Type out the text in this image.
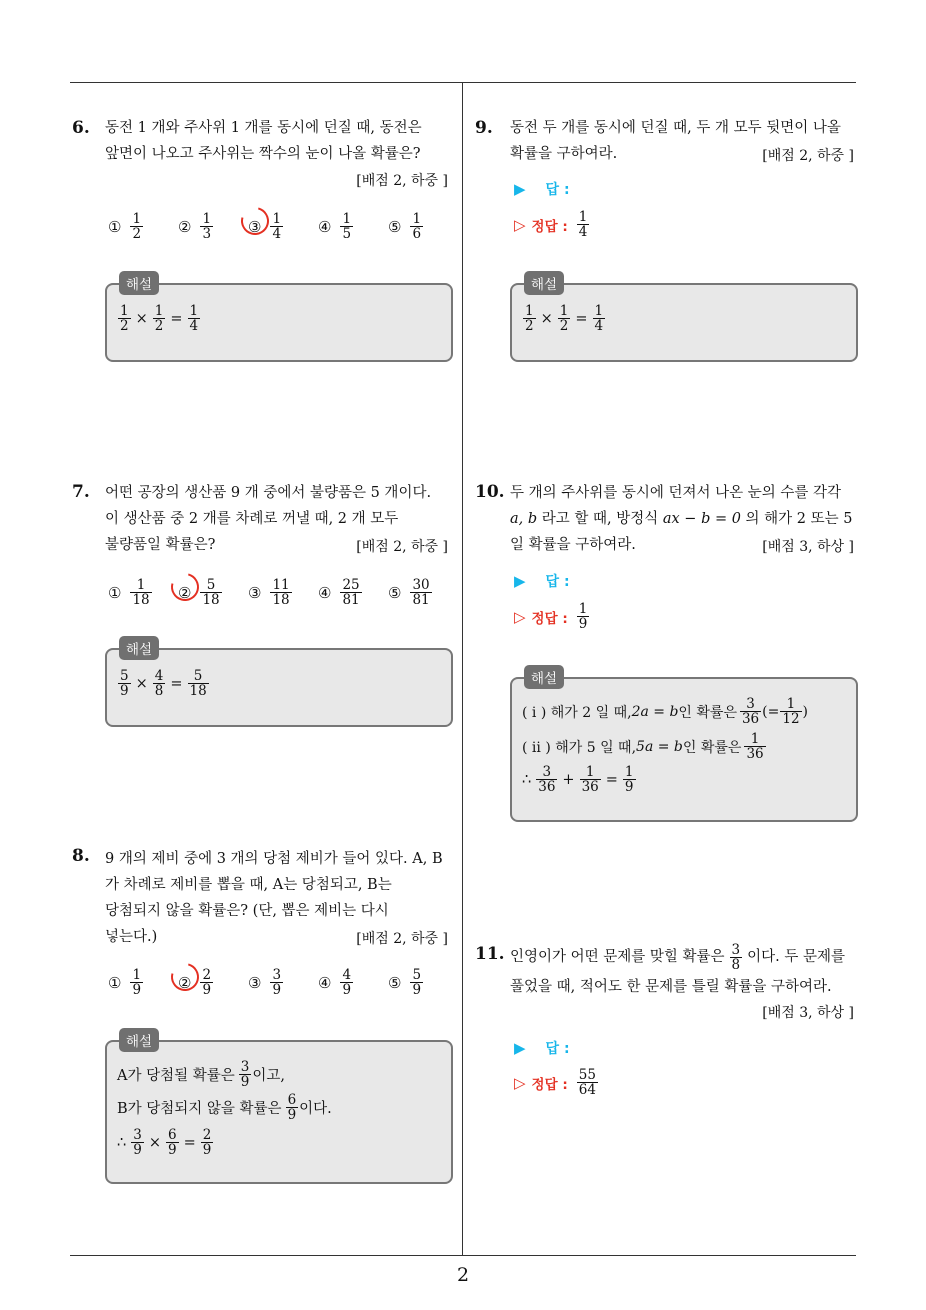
2
6. 동전 1 개와 주사위 1 개를 동시에 던질 때, 동전은
앞면이 나오고 주사위는 짝수의 눈이 나올 확률은?
[배점 2, 하중 ]
① $\frac{1}{2}$ ② $\frac{1}{3}$ ③ $\frac{1}{4}$ ④ $\frac{1}{5}$ ⑤ $\frac{1}{6}$
해설
$\frac{1}{2} \times \frac{1}{2} = \frac{1}{4}$
7. 어떤 공장의 생산품 9 개 중에서 불량품은 5 개이다.
이 생산품 중 2 개를 차례로 꺼낼 때, 2 개 모두
불량품일 확률은?	[배점 2, 하중 ]
① $\frac{1}{18}$ ② $\frac{5}{18}$ ③ $\frac{11}{18}$ ④ $\frac{25}{81}$ ⑤ $\frac{30}{81}$
해설
$\frac{5}{9} \times \frac{4}{8} = \frac{5}{18}$
8. 9 개의 제비 중에 3 개의 당첨 제비가 들어 있다. A, B
가 차례로 제비를 뽑을 때, A는 당첨되고, B는
당첨되지 않을 확률은? (단, 뽑은 제비는 다시
넣는다.)	[배점 2, 하중 ]
① $\frac{1}{9}$ ② $\frac{2}{9}$ ③ $\frac{3}{9}$ ④ $\frac{4}{9}$ ⑤ $\frac{5}{9}$
해설
A가 당첨될 확률은 $\frac{3}{9}$ 이고,
B가 당첨되지 않을 확률은 $\frac{6}{9}$ 이다.
∴ $\frac{3}{9} \times \frac{6}{9} = \frac{2}{9}$
9. 동전 두 개를 동시에 던질 때, 두 개 모두 뒷면이 나올
확률을 구하여라.	[배점 2, 하중 ]
▶ 답 :
▷ 정답 : $\frac{1}{4}$
해설
$\frac{1}{2} \times \frac{1}{2} = \frac{1}{4}$
10. 두 개의 주사위를 동시에 던져서 나온 눈의 수를 각각
a, b 라고 할 때, 방정식 ax − b = 0 의 해가 2 또는 5
일 확률을 구하여라.	[배점 3, 하상 ]
▶ 답 :
▷ 정답 : $\frac{1}{9}$
해설
( i ) 해가 2 일 때, 2a = b 인 확률은 $\frac{3}{36}$ (= $\frac{1}{12}$ )
( ii ) 해가 5 일 때, 5a = b 인 확률은 $\frac{1}{36}$
∴ $\frac{3}{36} + \frac{1}{36} = \frac{1}{9}$
11. 인영이가 어떤 문제를 맞힐 확률은 $\frac{3}{8}$ 이다. 두 문제를
풀었을 때, 적어도 한 문제를 틀릴 확률을 구하여라.
[배점 3, 하상 ]
▶ 답 :
▷ 정답 : $\frac{55}{64}$
